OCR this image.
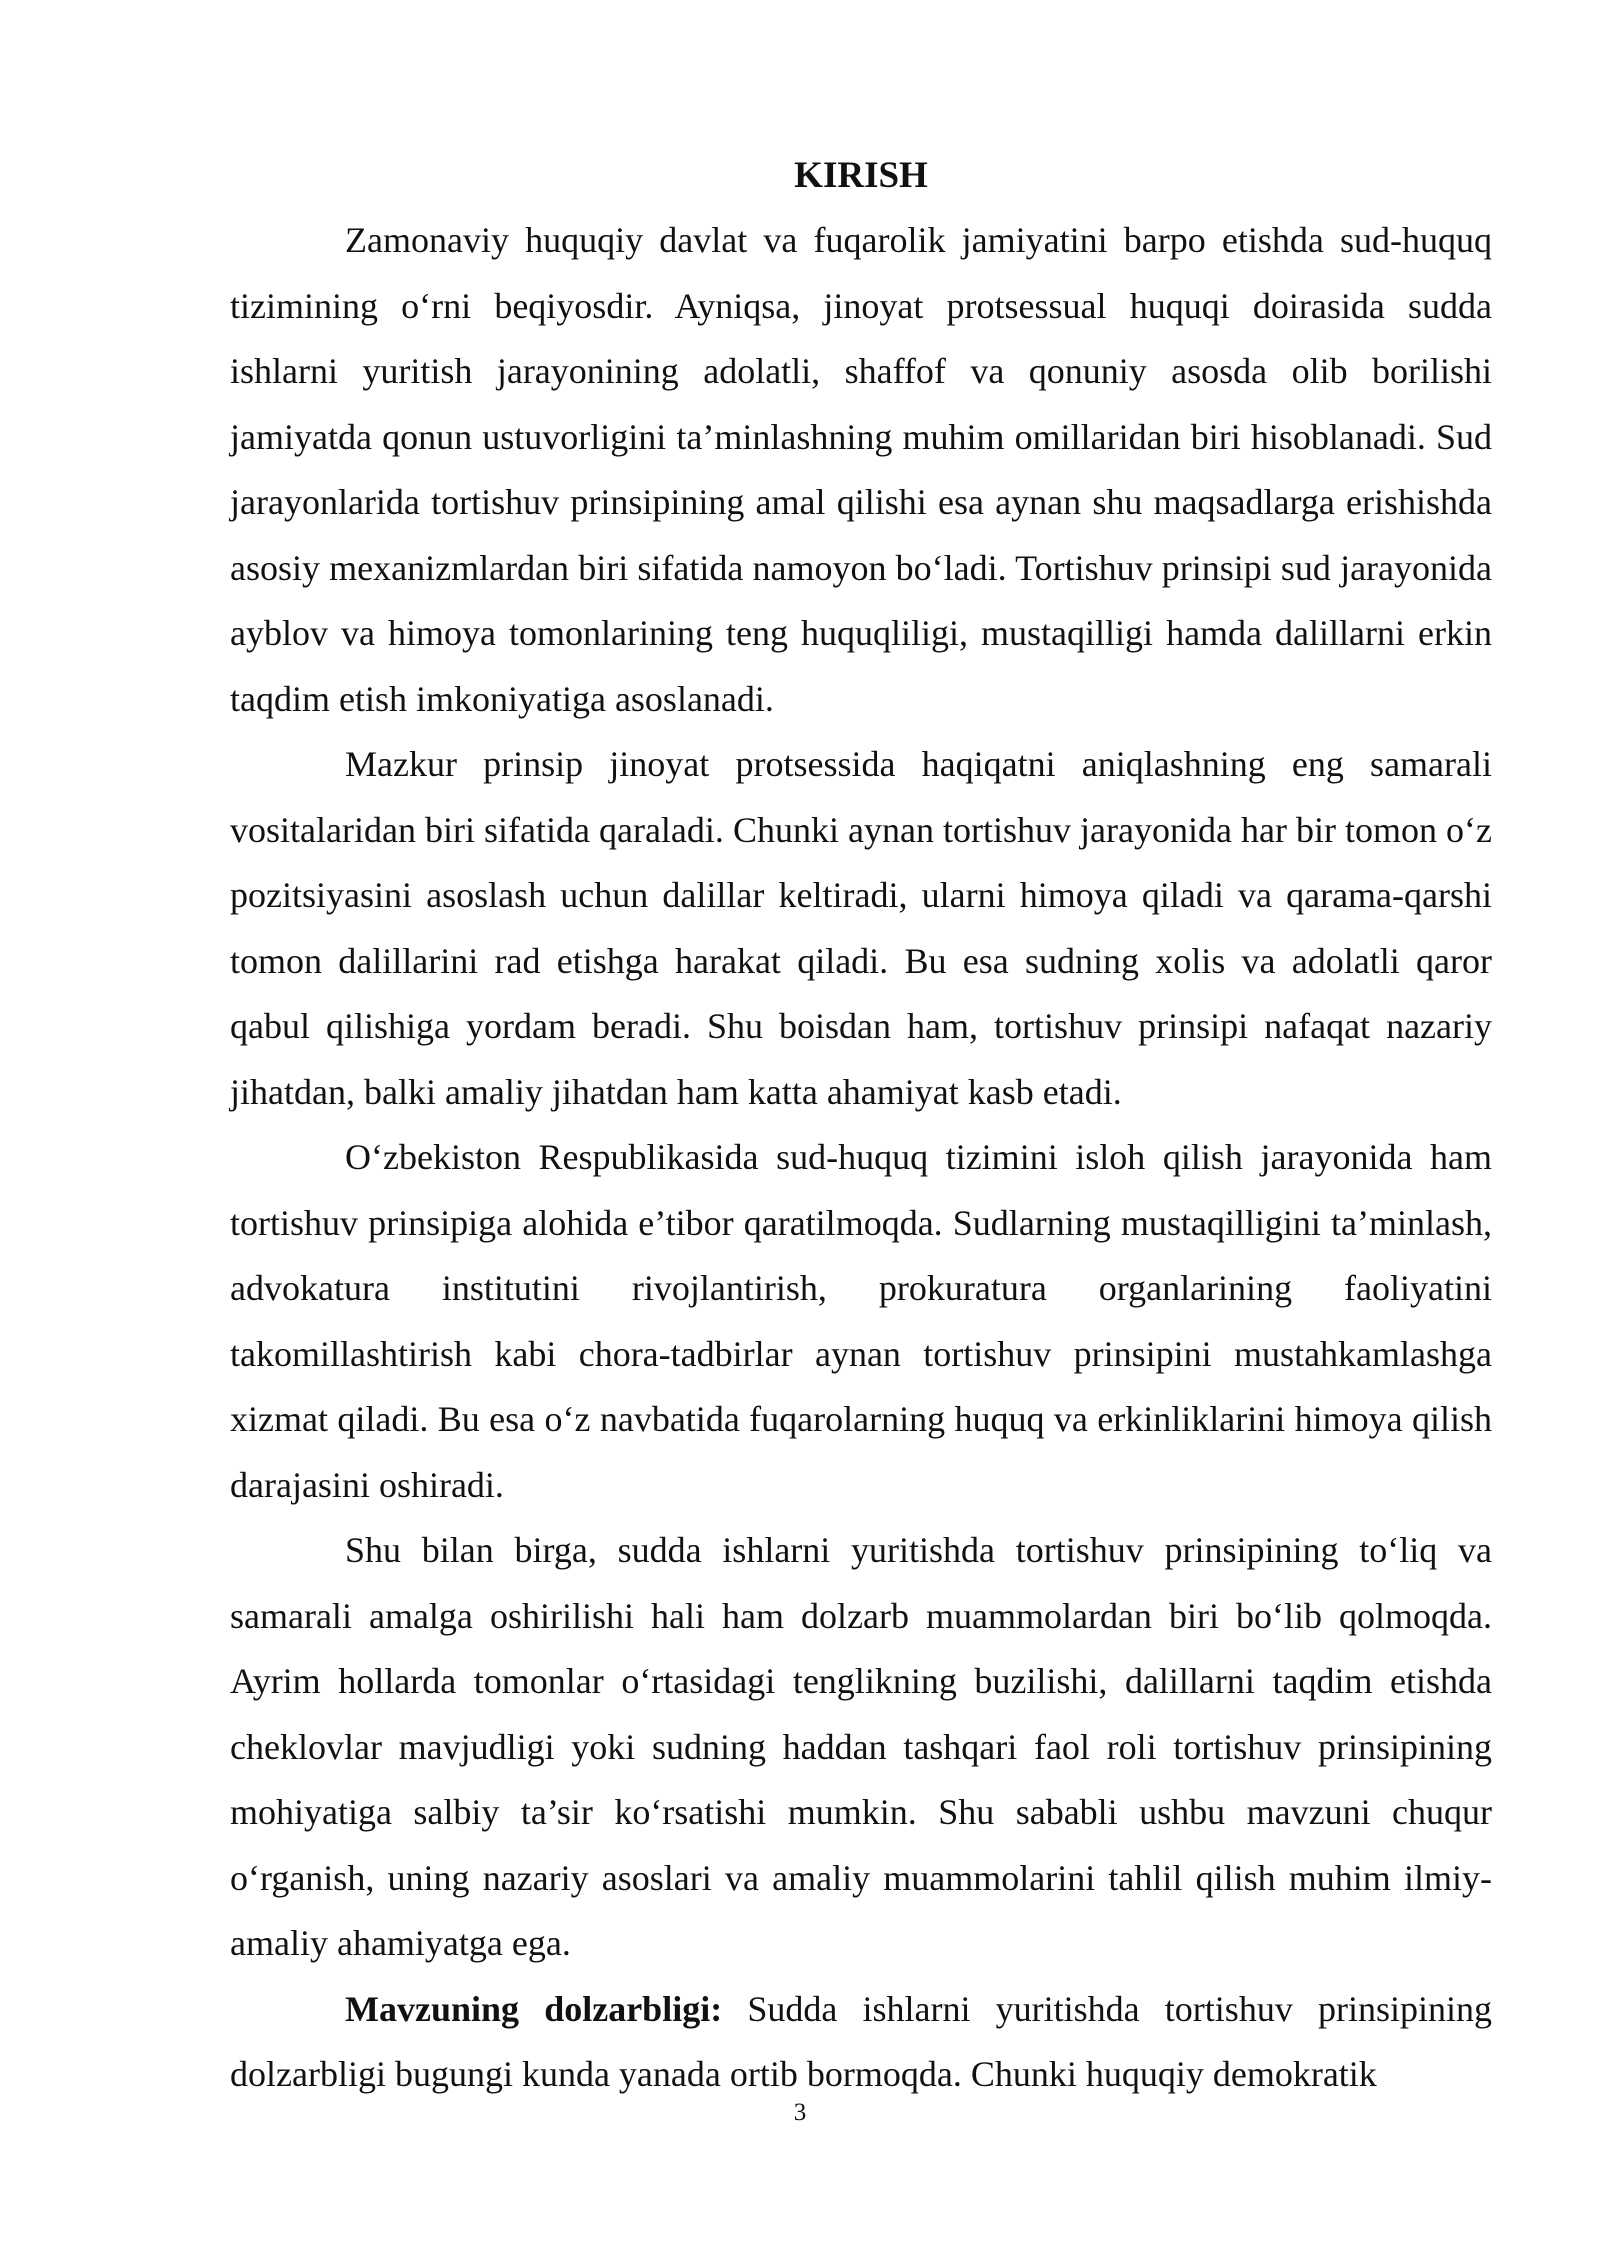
KIRISH

Zamonaviy huquqiy davlat va fuqarolik jamiyatini barpo etishda sud-huquq tizimining o‘rni beqiyosdir. Ayniqsa, jinoyat protsessual huquqi doirasida sudda ishlarni yuritish jarayonining adolatli, shaffof va qonuniy asosda olib borilishi jamiyatda qonun ustuvorligini ta’minlashning muhim omillaridan biri hisoblanadi. Sud jarayonlarida tortishuv prinsipining amal qilishi esa aynan shu maqsadlarga erishishda asosiy mexanizmlardan biri sifatida namoyon bo‘ladi. Tortishuv prinsipi sud jarayonida ayblov va himoya tomonlarining teng huquqliligi, mustaqilligi hamda dalillarni erkin taqdim etish imkoniyatiga asoslanadi.

Mazkur prinsip jinoyat protsessida haqiqatni aniqlashning eng samarali vositalaridan biri sifatida qaraladi. Chunki aynan tortishuv jarayonida har bir tomon o‘z pozitsiyasini asoslash uchun dalillar keltiradi, ularni himoya qiladi va qarama-qarshi tomon dalillarini rad etishga harakat qiladi. Bu esa sudning xolis va adolatli qaror qabul qilishiga yordam beradi. Shu boisdan ham, tortishuv prinsipi nafaqat nazariy jihatdan, balki amaliy jihatdan ham katta ahamiyat kasb etadi.

O‘zbekiston Respublikasida sud-huquq tizimini isloh qilish jarayonida ham tortishuv prinsipiga alohida e’tibor qaratilmoqda. Sudlarning mustaqilligini ta’minlash, advokatura institutini rivojlantirish, prokuratura organlarining faoliyatini takomillashtirish kabi chora-tadbirlar aynan tortishuv prinsipini mustahkamlashga xizmat qiladi. Bu esa o‘z navbatida fuqarolarning huquq va erkinliklarini himoya qilish darajasini oshiradi.

Shu bilan birga, sudda ishlarni yuritishda tortishuv prinsipining to‘liq va samarali amalga oshirilishi hali ham dolzarb muammolardan biri bo‘lib qolmoqda. Ayrim hollarda tomonlar o‘rtasidagi tenglikning buzilishi, dalillarni taqdim etishda cheklovlar mavjudligi yoki sudning haddan tashqari faol roli tortishuv prinsipining mohiyatiga salbiy ta’sir ko‘rsatishi mumkin. Shu sababli ushbu mavzuni chuqur o‘rganish, uning nazariy asoslari va amaliy muammolarini tahlil qilish muhim ilmiy-amaliy ahamiyatga ega.

Mavzuning dolzarbligi: Sudda ishlarni yuritishda tortishuv prinsipining dolzarbligi bugungi kunda yanada ortib bormoqda. Chunki huquqiy demokratik

3
